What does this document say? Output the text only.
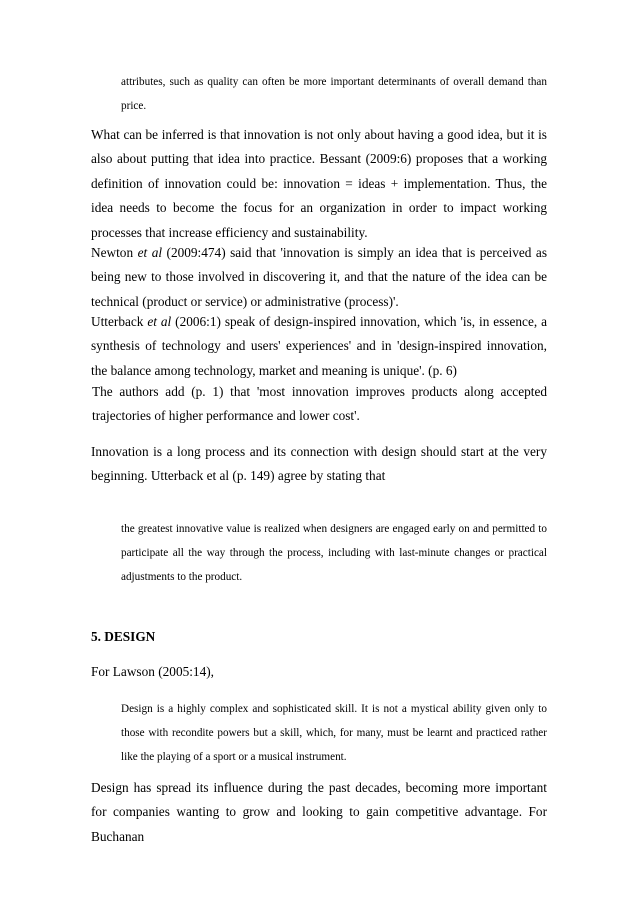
attributes, such as quality can often be more important determinants of overall demand than price.
What can be inferred is that innovation is not only about having a good idea, but it is also about putting that idea into practice. Bessant (2009:6) proposes that a working definition of innovation could be: innovation = ideas + implementation. Thus, the idea needs to become the focus for an organization in order to impact working processes that increase efficiency and sustainability.
Newton et al (2009:474) said that 'innovation is simply an idea that is perceived as being new to those involved in discovering it, and that the nature of the idea can be technical (product or service) or administrative (process)'.
Utterback et al (2006:1) speak of design-inspired innovation, which 'is, in essence, a synthesis of technology and users' experiences' and in 'design-inspired innovation, the balance among technology, market and meaning is unique'. (p. 6)
The authors add (p. 1) that 'most innovation improves products along accepted trajectories of higher performance and lower cost'.
Innovation is a long process and its connection with design should start at the very beginning. Utterback et al (p. 149) agree by stating that
the greatest innovative value is realized when designers are engaged early on and permitted to participate all the way through the process, including with last-minute changes or practical adjustments to the product.
5. DESIGN
For Lawson (2005:14),
Design is a highly complex and sophisticated skill. It is not a mystical ability given only to those with recondite powers but a skill, which, for many, must be learnt and practiced rather like the playing of a sport or a musical instrument.
Design has spread its influence during the past decades, becoming more important for companies wanting to grow and looking to gain competitive advantage. For Buchanan
